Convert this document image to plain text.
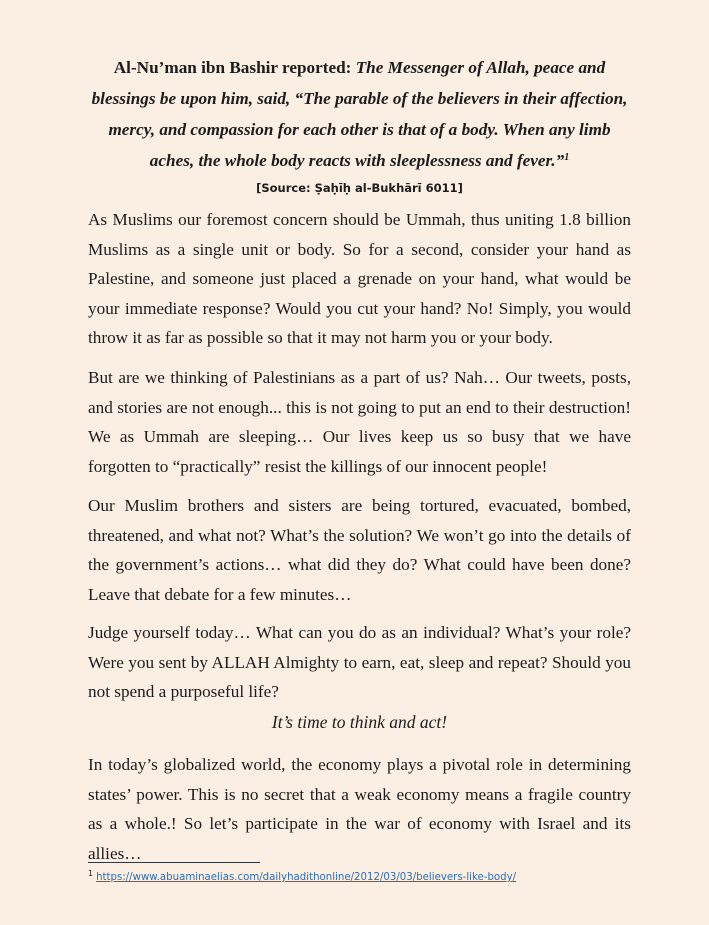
Al-Nu’man ibn Bashir reported: The Messenger of Allah, peace and blessings be upon him, said, “The parable of the believers in their affection, mercy, and compassion for each other is that of a body. When any limb aches, the whole body reacts with sleeplessness and fever.”$^1$
[Source: Ṣaḥīḥ al-Bukhārī 6011]

As Muslims our foremost concern should be Ummah, thus uniting 1.8 billion Muslims as a single unit or body. So for a second, consider your hand as Palestine, and someone just placed a grenade on your hand, what would be your immediate response? Would you cut your hand? No! Simply, you would throw it as far as possible so that it may not harm you or your body.

But are we thinking of Palestinians as a part of us? Nah… Our tweets, posts, and stories are not enough... this is not going to put an end to their destruction! We as Ummah are sleeping… Our lives keep us so busy that we have forgotten to “practically” resist the killings of our innocent people!

Our Muslim brothers and sisters are being tortured, evacuated, bombed, threatened, and what not? What’s the solution? We won’t go into the details of the government’s actions… what did they do? What could have been done? Leave that debate for a few minutes…

Judge yourself today… What can you do as an individual? What’s your role? Were you sent by ALLAH Almighty to earn, eat, sleep and repeat? Should you not spend a purposeful life?

It’s time to think and act!

In today’s globalized world, the economy plays a pivotal role in determining states’ power. This is no secret that a weak economy means a fragile country as a whole.! So let’s participate in the war of economy with Israel and its allies…

$^1$ https://www.abuaminaelias.com/dailyhadithonline/2012/03/03/believers-like-body/
